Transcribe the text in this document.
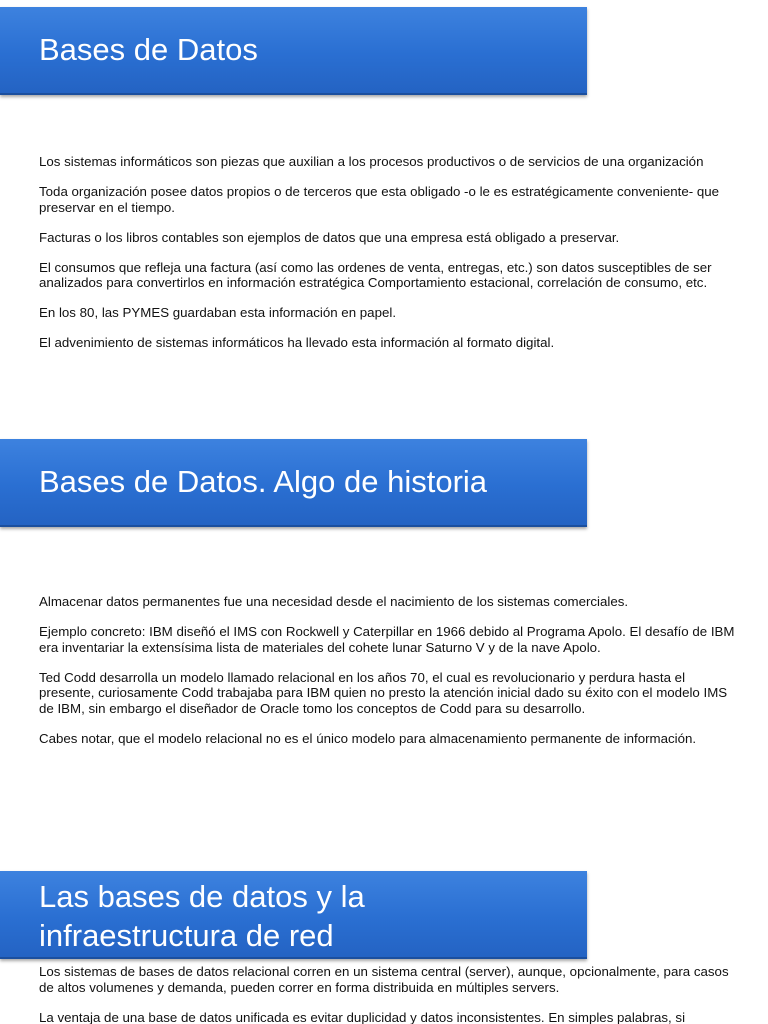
Bases de Datos

Los sistemas informáticos son piezas que auxilian a los procesos productivos o de servicios de una organización

Toda organización posee datos propios o de terceros que esta obligado -o le es estratégicamente conveniente- que preservar en el tiempo.

Facturas o los libros contables son ejemplos de datos que una empresa está obligado a preservar.

El consumos que refleja una factura (así como las ordenes de venta, entregas, etc.) son datos susceptibles de ser analizados para convertirlos en información estratégica Comportamiento estacional, correlación de consumo, etc.

En los 80, las PYMES guardaban esta información en papel.

El advenimiento de sistemas informáticos ha llevado esta información al formato digital.

Bases de Datos. Algo de historia

Almacenar datos permanentes fue una necesidad desde el nacimiento de los sistemas comerciales.

Ejemplo concreto: IBM diseñó el IMS con Rockwell y Caterpillar en 1966 debido al Programa Apolo. El desafío de IBM era inventariar la extensísima lista de materiales del cohete lunar Saturno V y de la nave Apolo.

Ted Codd desarrolla un modelo llamado relacional en los años 70, el cual es revolucionario y perdura hasta el presente, curiosamente Codd trabajaba para IBM quien no presto la atención inicial dado su éxito con el modelo IMS de IBM, sin embargo el diseñador de Oracle tomo los conceptos de Codd para su desarrollo.

Cabes notar, que el modelo relacional no es el único modelo para almacenamiento permanente de información.

Las bases de datos y la
infraestructura de red

Los sistemas de bases de datos relacional corren en un sistema central (server), aunque, opcionalmente, para casos de altos volumenes y demanda, pueden correr en forma distribuida en múltiples servers.

La ventaja de una base de datos unificada es evitar duplicidad y datos inconsistentes. En simples palabras, si
